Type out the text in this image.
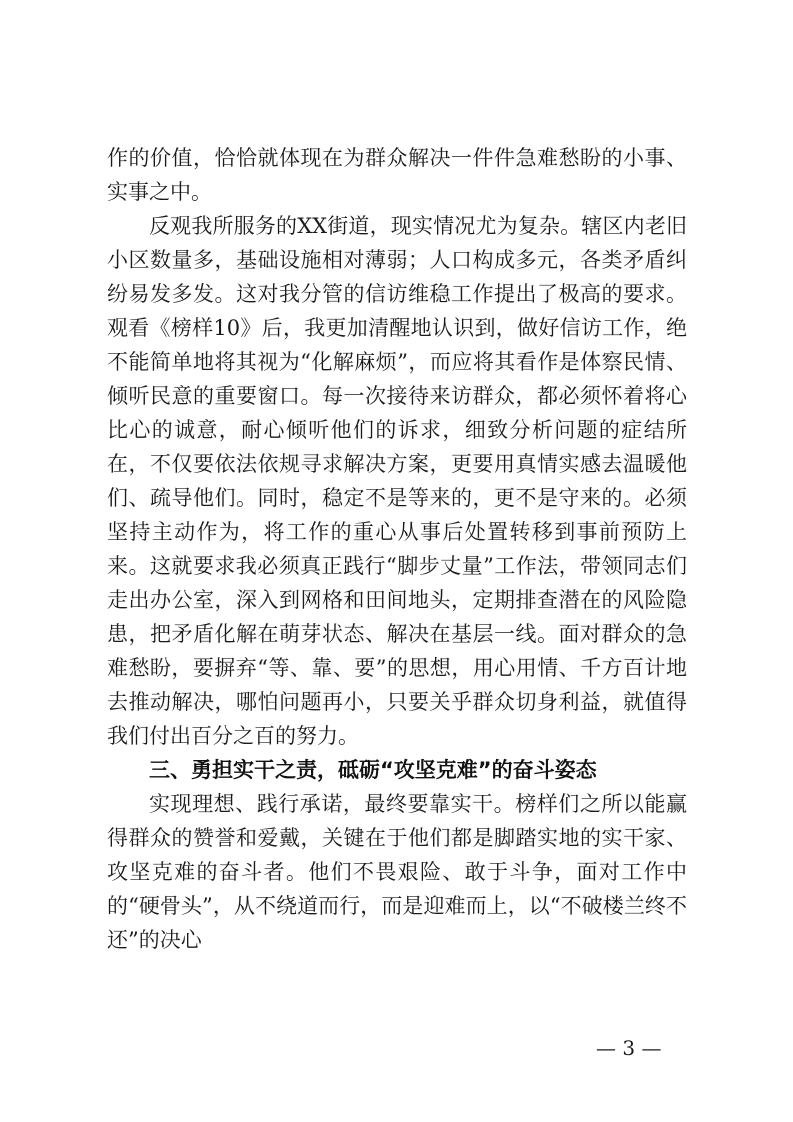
作的价值，恰恰就体现在为群众解决一件件急难愁盼的小事、实事之中。

反观我所服务的XX街道，现实情况尤为复杂。辖区内老旧小区数量多，基础设施相对薄弱；人口构成多元，各类矛盾纠纷易发多发。这对我分管的信访维稳工作提出了极高的要求。观看《榜样10》后，我更加清醒地认识到，做好信访工作，绝不能简单地将其视为“化解麻烦”，而应将其看作是体察民情、倾听民意的重要窗口。每一次接待来访群众，都必须怀着将心比心的诚意，耐心倾听他们的诉求，细致分析问题的症结所在，不仅要依法依规寻求解决方案，更要用真情实感去温暖他们、疏导他们。同时，稳定不是等来的，更不是守来的。必须坚持主动作为，将工作的重心从事后处置转移到事前预防上来。这就要求我必须真正践行“脚步丈量”工作法，带领同志们走出办公室，深入到网格和田间地头，定期排查潜在的风险隐患，把矛盾化解在萌芽状态、解决在基层一线。面对群众的急难愁盼，要摒弃“等、靠、要”的思想，用心用情、千方百计地去推动解决，哪怕问题再小，只要关乎群众切身利益，就值得我们付出百分之百的努力。

三、勇担实干之责，砥砺“攻坚克难”的奋斗姿态

实现理想、践行承诺，最终要靠实干。榜样们之所以能赢得群众的赞誉和爱戴，关键在于他们都是脚踏实地的实干家、攻坚克难的奋斗者。他们不畏艰险、敢于斗争，面对工作中的“硬骨头”，从不绕道而行，而是迎难而上，以“不破楼兰终不还”的决心

— 3 —
